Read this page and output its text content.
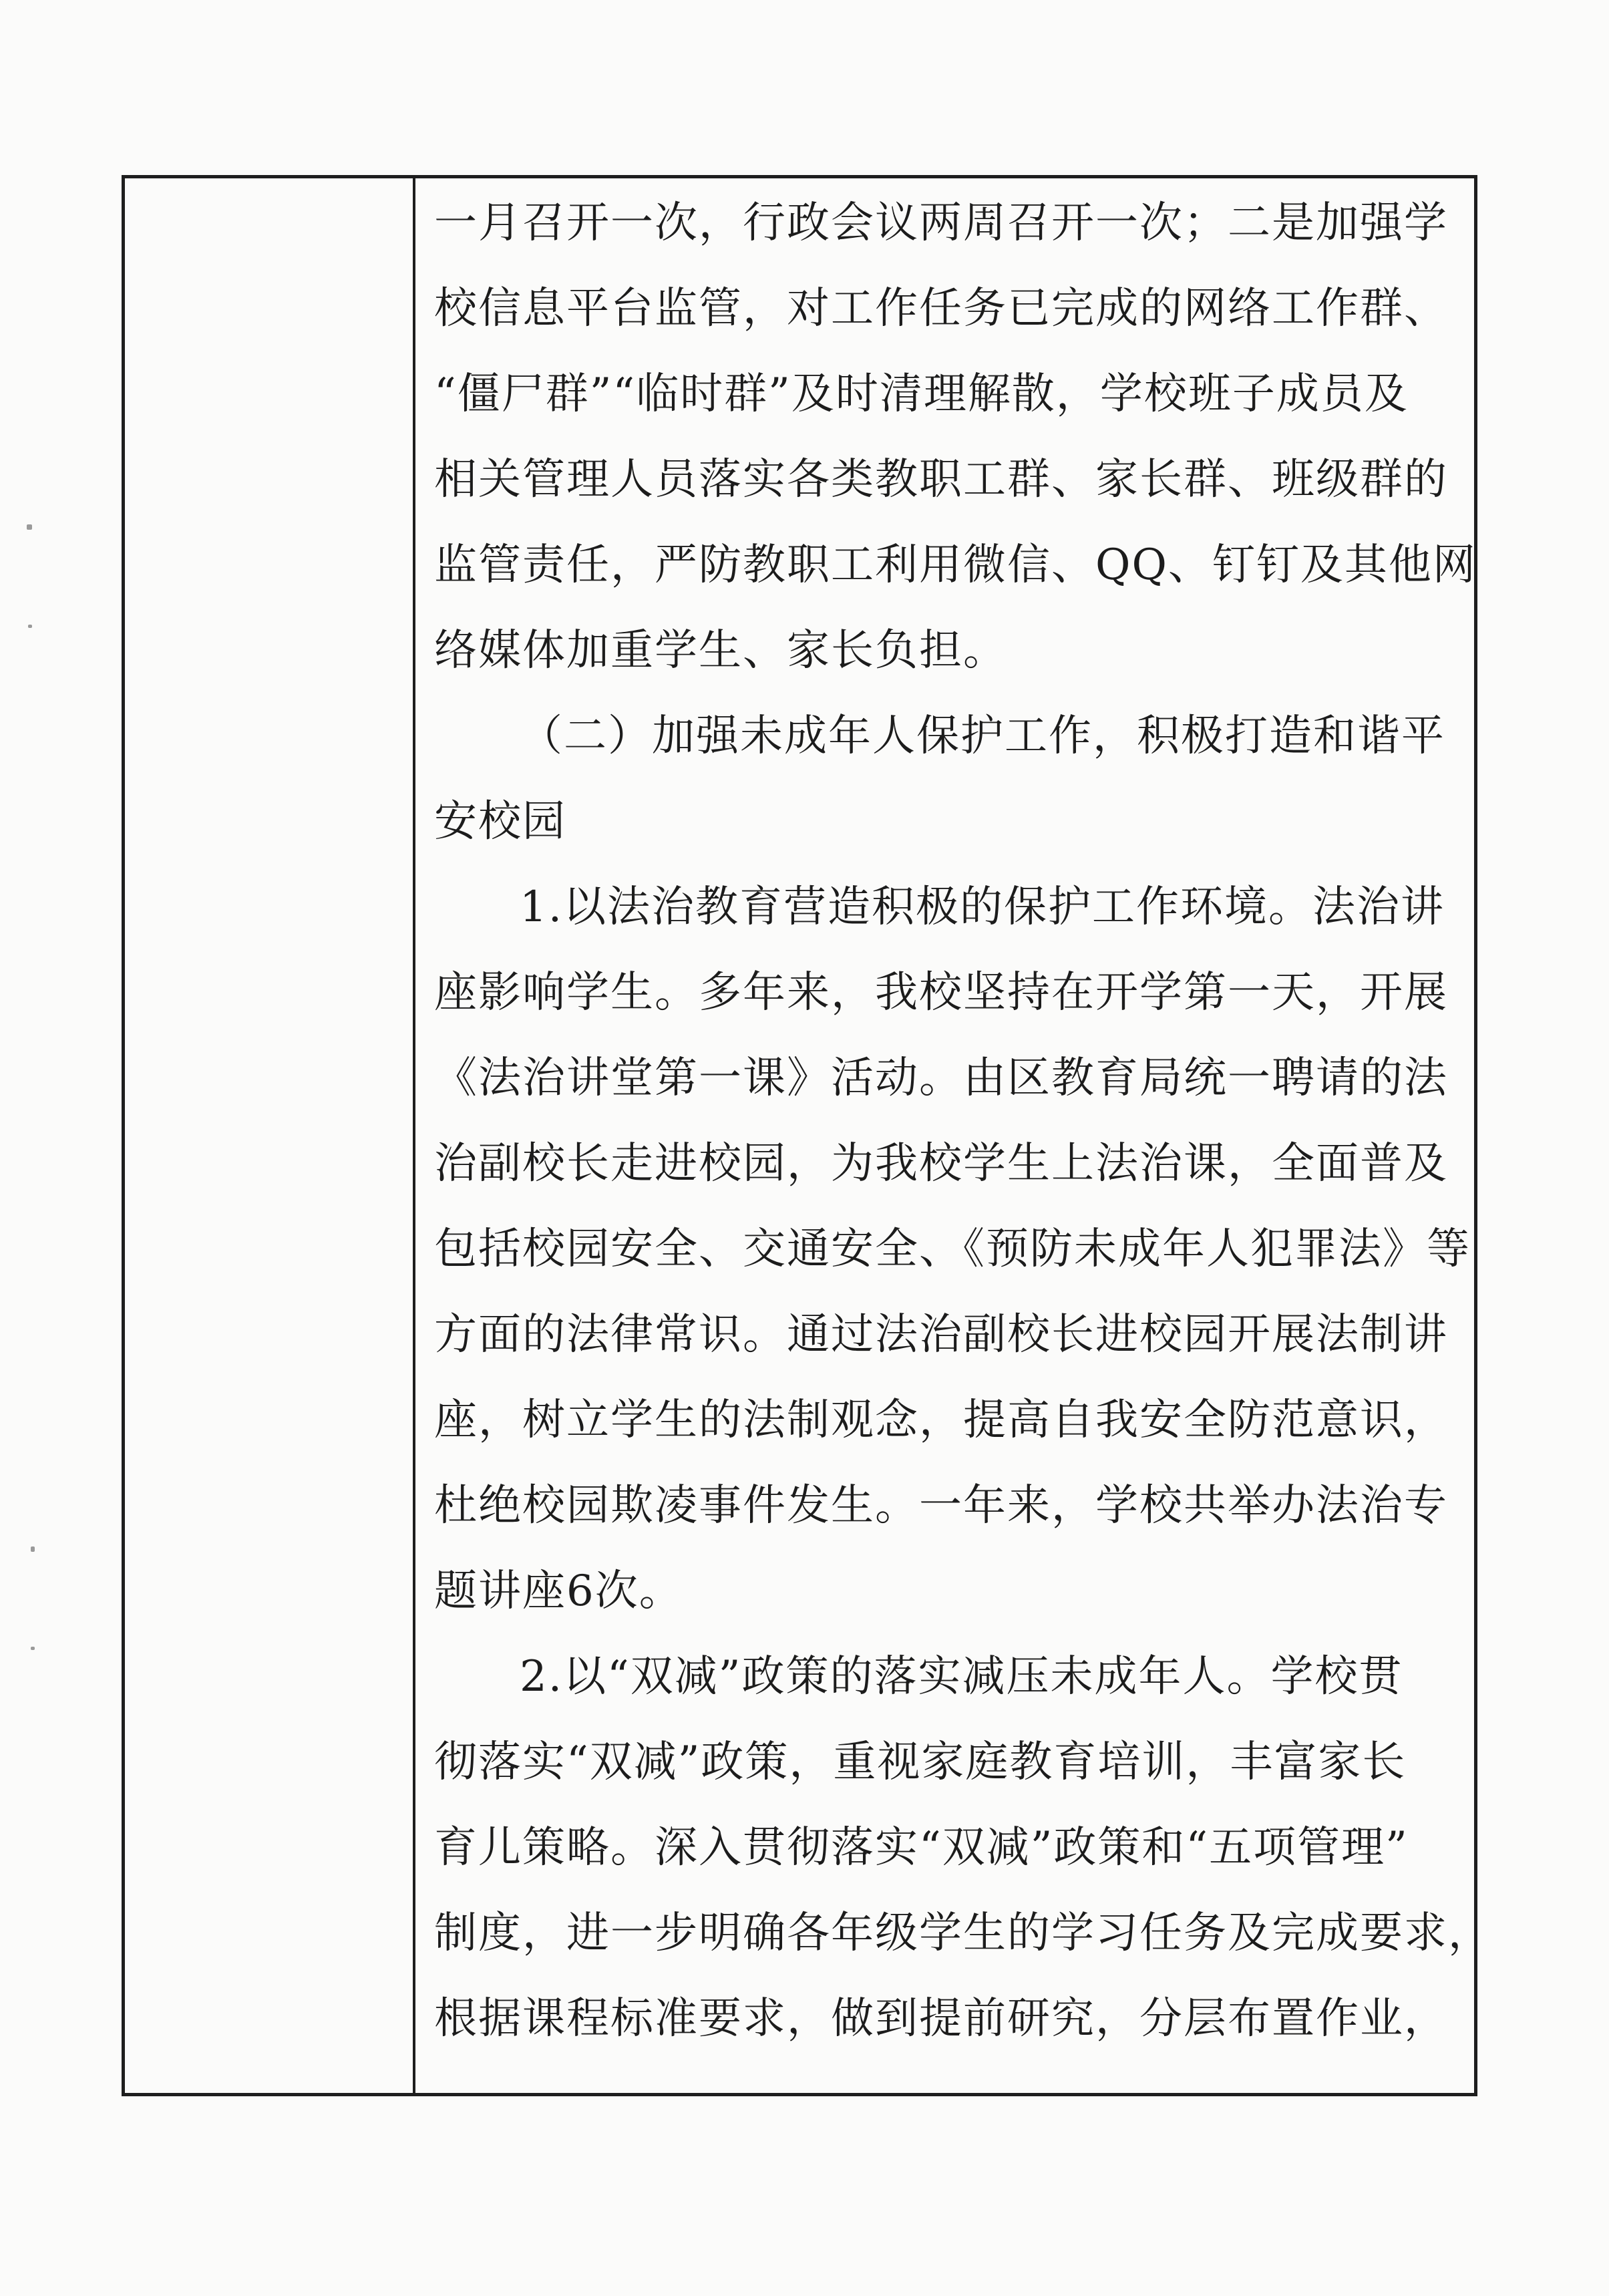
一月召开一次，行政会议两周召开一次；二是加强学
校信息平台监管，对工作任务已完成的网络工作群、
“僵尸群”“临时群”及时清理解散，学校班子成员及
相关管理人员落实各类教职工群、家长群、班级群的
监管责任，严防教职工利用微信、QQ、钉钉及其他网
络媒体加重学生、家长负担。
（二）加强未成年人保护工作，积极打造和谐平
安校园
1.以法治教育营造积极的保护工作环境。法治讲
座影响学生。多年来，我校坚持在开学第一天，开展
《法治讲堂第一课》活动。由区教育局统一聘请的法
治副校长走进校园，为我校学生上法治课，全面普及
包括校园安全、交通安全、《预防未成年人犯罪法》等
方面的法律常识。通过法治副校长进校园开展法制讲
座，树立学生的法制观念，提高自我安全防范意识，
杜绝校园欺凌事件发生。一年来，学校共举办法治专
题讲座6次。
2.以“双减”政策的落实减压未成年人。学校贯
彻落实“双减”政策，重视家庭教育培训，丰富家长
育儿策略。深入贯彻落实“双减”政策和“五项管理”
制度，进一步明确各年级学生的学习任务及完成要求，
根据课程标准要求，做到提前研究，分层布置作业，
